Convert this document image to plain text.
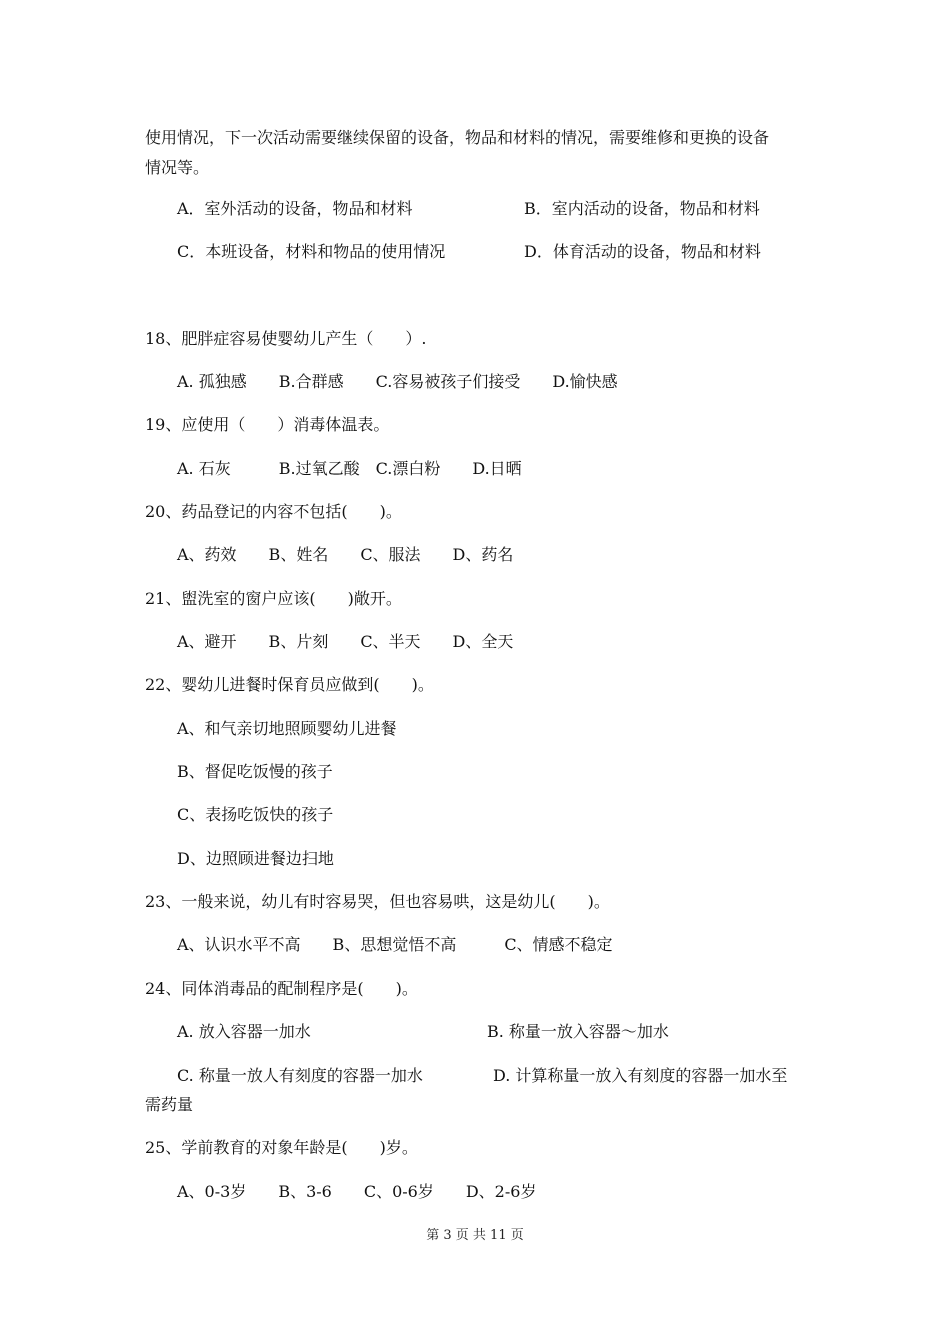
使用情况，下一次活动需要继续保留的设备，物品和材料的情况，需要维修和更换的设备
情况等。
A．室外活动的设备，物品和材料	B．室内活动的设备，物品和材料
C．本班设备，材料和物品的使用情况	D．体育活动的设备，物品和材料
18、肥胖症容易使婴幼儿产生（　　）.
A. 孤独感　　B.合群感　　C.容易被孩子们接受　　D.愉快感
19、应使用（　　）消毒体温表。
A. 石灰　　　B.过氧乙酸　C.漂白粉　　D.日晒
20、药品登记的内容不包括(　　)。
A、药效　　B、姓名　　C、服法　　D、药名
21、盥洗室的窗户应该(　　)敞开。
A、避开　　B、片刻　　C、半天　　D、全天
22、婴幼儿进餐时保育员应做到(　　)。
A、和气亲切地照顾婴幼儿进餐
B、督促吃饭慢的孩子
C、表扬吃饭快的孩子
D、边照顾进餐边扫地
23、一般来说，幼儿有时容易哭，但也容易哄，这是幼儿(　　)。
A、认识水平不高　　B、思想觉悟不高　　　C、情感不稳定
24、同体消毒品的配制程序是(　　)。
A. 放入容器一加水	B. 称量一放入容器～加水
C. 称量一放人有刻度的容器一加水	D. 计算称量一放入有刻度的容器一加水至
需药量
25、学前教育的对象年龄是(　　)岁。
A、0-3岁　　B、3-6　　C、0-6岁　　D、2-6岁
第 3 页 共 11 页
